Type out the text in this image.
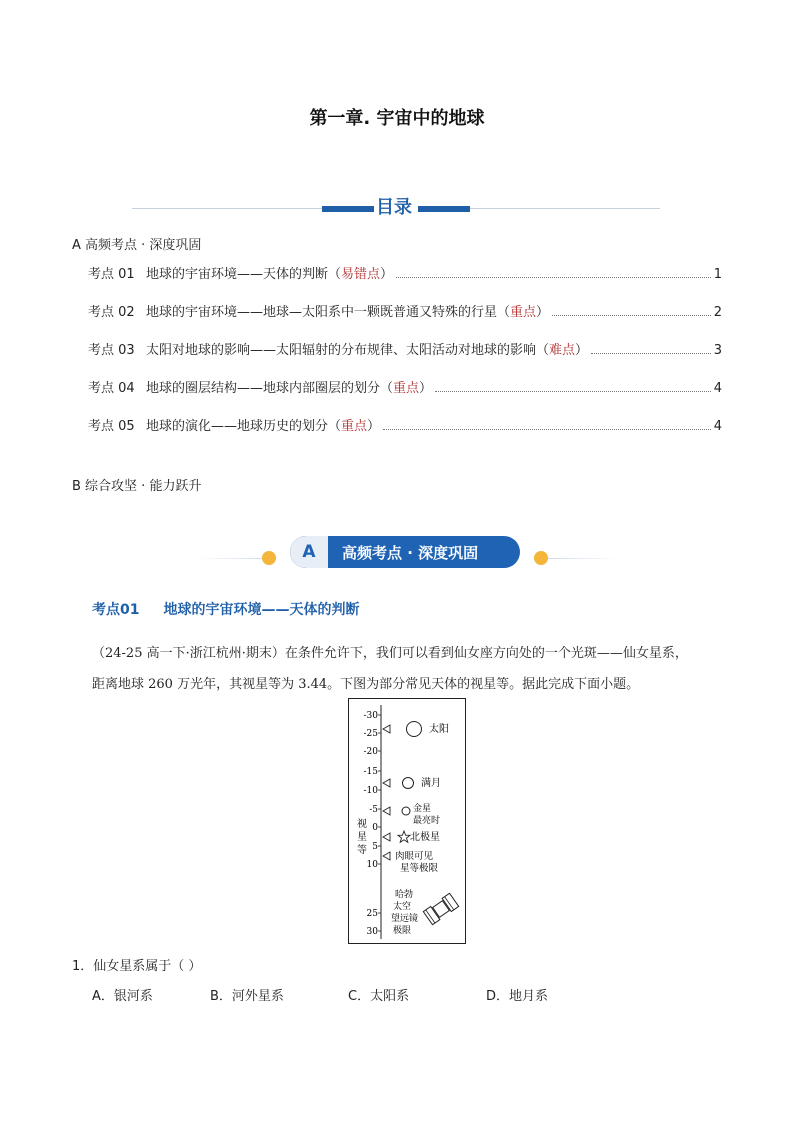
第一章. 宇宙中的地球
目录
A 高频考点 · 深度巩固
考点 01 地球的宇宙环境——天体的判断（易错点）	1
考点 02 地球的宇宙环境——地球—太阳系中一颗既普通又特殊的行星（重点）	2
考点 03 太阳对地球的影响——太阳辐射的分布规律、太阳活动对地球的影响（难点）	3
考点 04 地球的圈层结构——地球内部圈层的划分（重点）	4
考点 05 地球的演化——地球历史的划分（重点）	4
B 综合攻坚 · 能力跃升
A	高频考点 · 深度巩固
考点01 地球的宇宙环境——天体的判断
（24-25 高一下·浙江杭州·期末）在条件允许下，我们可以看到仙女座方向处的一个光斑——仙女星系，
距离地球 260 万光年，其视星等为 3.44。下图为部分常见天体的视星等。据此完成下面小题。
-30
-25
-20
-15
-10
-5
0
5
10
25
30
视
星
等
太阳
满月
金星
最亮时
北极星
肉眼可见
星等极限
哈勃
太空
望远镜
极限
1．仙女星系属于（ ）
A．银河系	B．河外星系	C．太阳系	D．地月系
